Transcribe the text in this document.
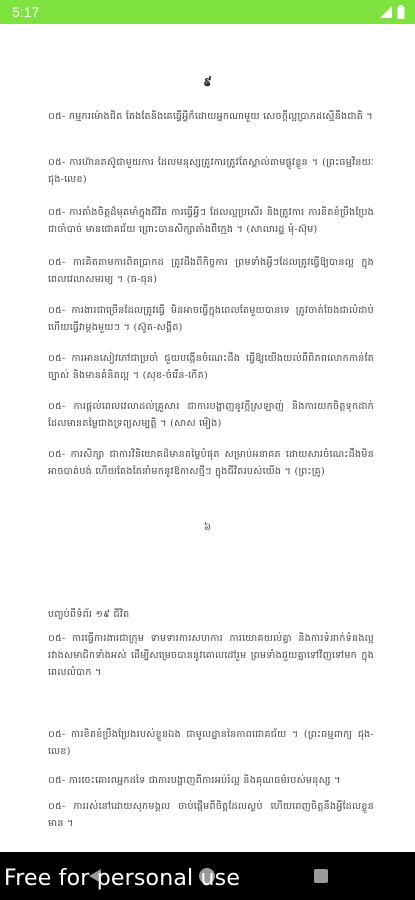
5:17
៩

០៥- កម្មករម៉ោងជិត តែងតែនិងគេធ្វើអ្វីក៏ដោយអ្នកណាមួយ សេចក្តីល្អប្រាកដស្មើនឹងជាតិ ។

០៥- ការហ៊ានតស៊ូជាមួយការ ដែលមនុស្សត្រូវការត្រូវតែស្គាល់តាមផ្លូវខ្លួន ។ (ព្រះធម្មវិនយៈ ជុង-លេខ)

០៥- ការតាំងចិត្តដ៏មុតមាំក្នុងជីវិត ការធ្វើអ្វីៗ ដែលល្អប្រសើរ និងត្រូវការ ការខិតខំប្រឹងប្រែងជាចាំបាច់ មានជោគជ័យ ព្រោះបានសិក្សាតាំងពីក្មេង ។ (សាលារដ្ឋ មុំ-ស៊ុម)

០៥- ការគិតតាមការពិតប្រាកដ ត្រូវដឹងពីកិច្ចការ ព្រមទាំងអ្វីៗដែលត្រូវធ្វើឱ្យបានល្អ ក្នុងពេលវេលាសមរម្យ ។ (ធ-ធុន)

០៥- ការងារជាច្រើនដែលត្រូវធ្វើ មិនអាចធ្វើក្នុងពេលតែមួយបានទេ ត្រូវចាត់ចែងជាលំដាប់ ហើយធ្វើវាម្តងមួយៗ ។ (ស៊ូត-សង្គីត)

០៥- ការអានសៀវភៅជាប្រចាំ ជួយបង្កើនចំណេះដឹង ធ្វើឱ្យយើងយល់ពីពិភពលោកកាន់តែច្បាស់ និងមានគំនិតល្អ ។ (សុខ-ចំរើន-កើត)

០៥- ការផ្តល់ពេលវេលាដល់គ្រួសារ ជាការបង្ហាញនូវក្តីស្រឡាញ់ និងការយកចិត្តទុកដាក់ ដែលមានតម្លៃជាងទ្រព្យសម្បត្តិ ។ (សាស ម៉ៀង)

០៥- ការសិក្សា ជាការវិនិយោគដ៏មានតម្លៃបំផុត សម្រាប់អនាគត ដោយសារចំណេះដឹងមិនអាចបាត់បង់ ហើយតែងតែនាំមកនូវឱកាសថ្មីៗ ក្នុងជីវិតរបស់យើង ។ (ព្រះគ្រូ)

៦

បញ្ចប់ពីទំព័រ ១៩ ជីវិត

០៥- ការធ្វើការងារជាក្រុម ទាមទារការសហការ ការយោគយល់គ្នា និងការទំនាក់ទំនងល្អ រវាងសមាជិកទាំងអស់ ដើម្បីសម្រេចបាននូវគោលដៅរួម ព្រមទាំងជួយគ្នាទៅវិញទៅមក ក្នុងពេលលំបាក ។

០៥- ការខិតខំប្រឹងប្រែងរបស់ខ្លួនឯង ជាមូលដ្ឋាននៃភាពជោគជ័យ ។ (ព្រះធម្មពាក្យ ជុង-លេខ)

០៥- ការចេះគោរពអ្នកដទៃ ជាការបង្ហាញពីការអប់រំល្អ និងគុណធម៌របស់មនុស្ស ។

០៥- ការរស់នៅដោយសុភមង្គល ចាប់ផ្តើមពីចិត្តដែលស្ងប់ ហើយពេញចិត្តនឹងអ្វីដែលខ្លួនមាន ។

Free for personal use
